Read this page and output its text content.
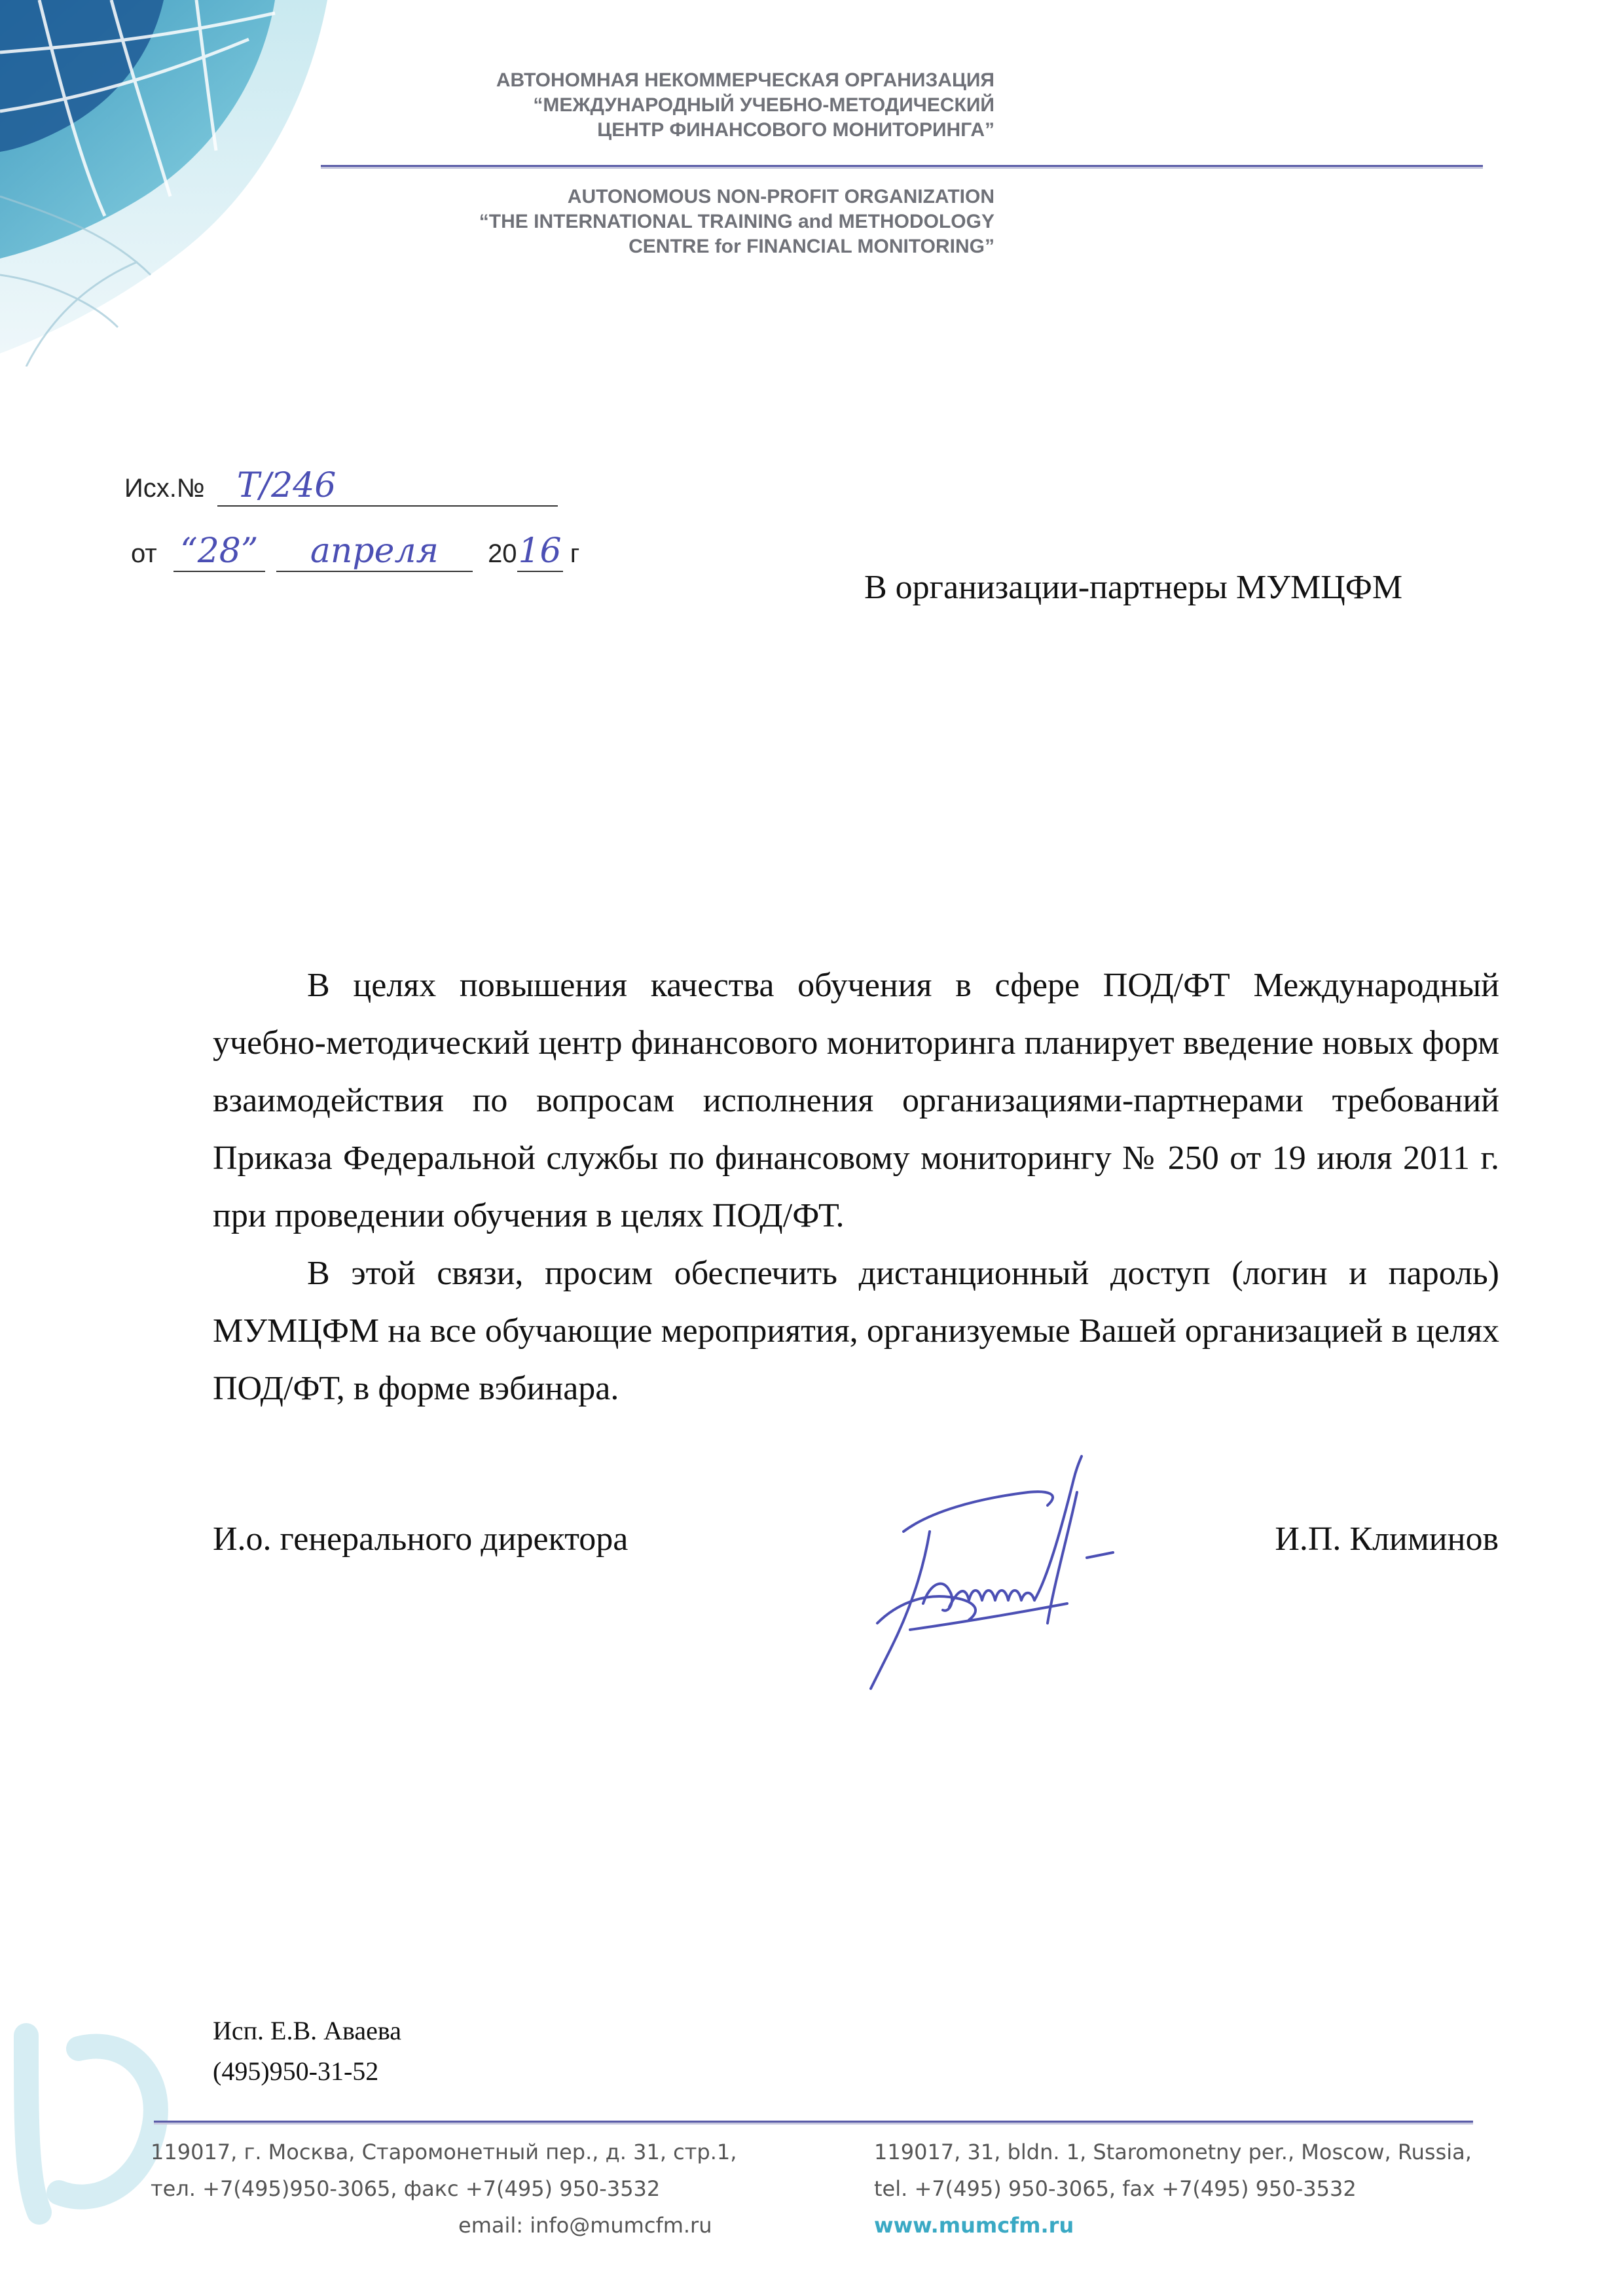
АВТОНОМНАЯ НЕКОММЕРЧЕСКАЯ ОРГАНИЗАЦИЯ
“МЕЖДУНАРОДНЫЙ УЧЕБНО-МЕТОДИЧЕСКИЙ
ЦЕНТР ФИНАНСОВОГО МОНИТОРИНГА”
AUTONOMOUS NON-PROFIT ORGANIZATION
“THE INTERNATIONAL TRAINING and METHODOLOGY
CENTRE for FINANCIAL MONITORING”
Исх.№ Т/246
от “28” апреля 2016 г
В организации-партнеры МУМЦФМ

В целях повышения качества обучения в сфере ПОД/ФТ Международный учебно-методический центр финансового мониторинга планирует введение новых форм взаимодействия по вопросам исполнения организациями-партнерами требований Приказа Федеральной службы по финансовому мониторингу № 250 от 19 июля 2011 г. при проведении обучения в целях ПОД/ФТ.

В этой связи, просим обеспечить дистанционный доступ (логин и пароль) МУМЦФМ на все обучающие мероприятия, организуемые Вашей организацией в целях ПОД/ФТ, в форме вэбинара.

И.о. генерального директора	И.П. Климинов
Исп. Е.В. Аваева
(495)950-31-52
119017, г. Москва, Старомонетный пер., д. 31, стр.1,
тел. +7(495)950-3065, факс +7(495) 950-3532
email: info@mumcfm.ru
119017, 31, bldn. 1, Staromonetny per., Moscow, Russia,
tel. +7(495) 950-3065, fax +7(495) 950-3532
www.mumcfm.ru
